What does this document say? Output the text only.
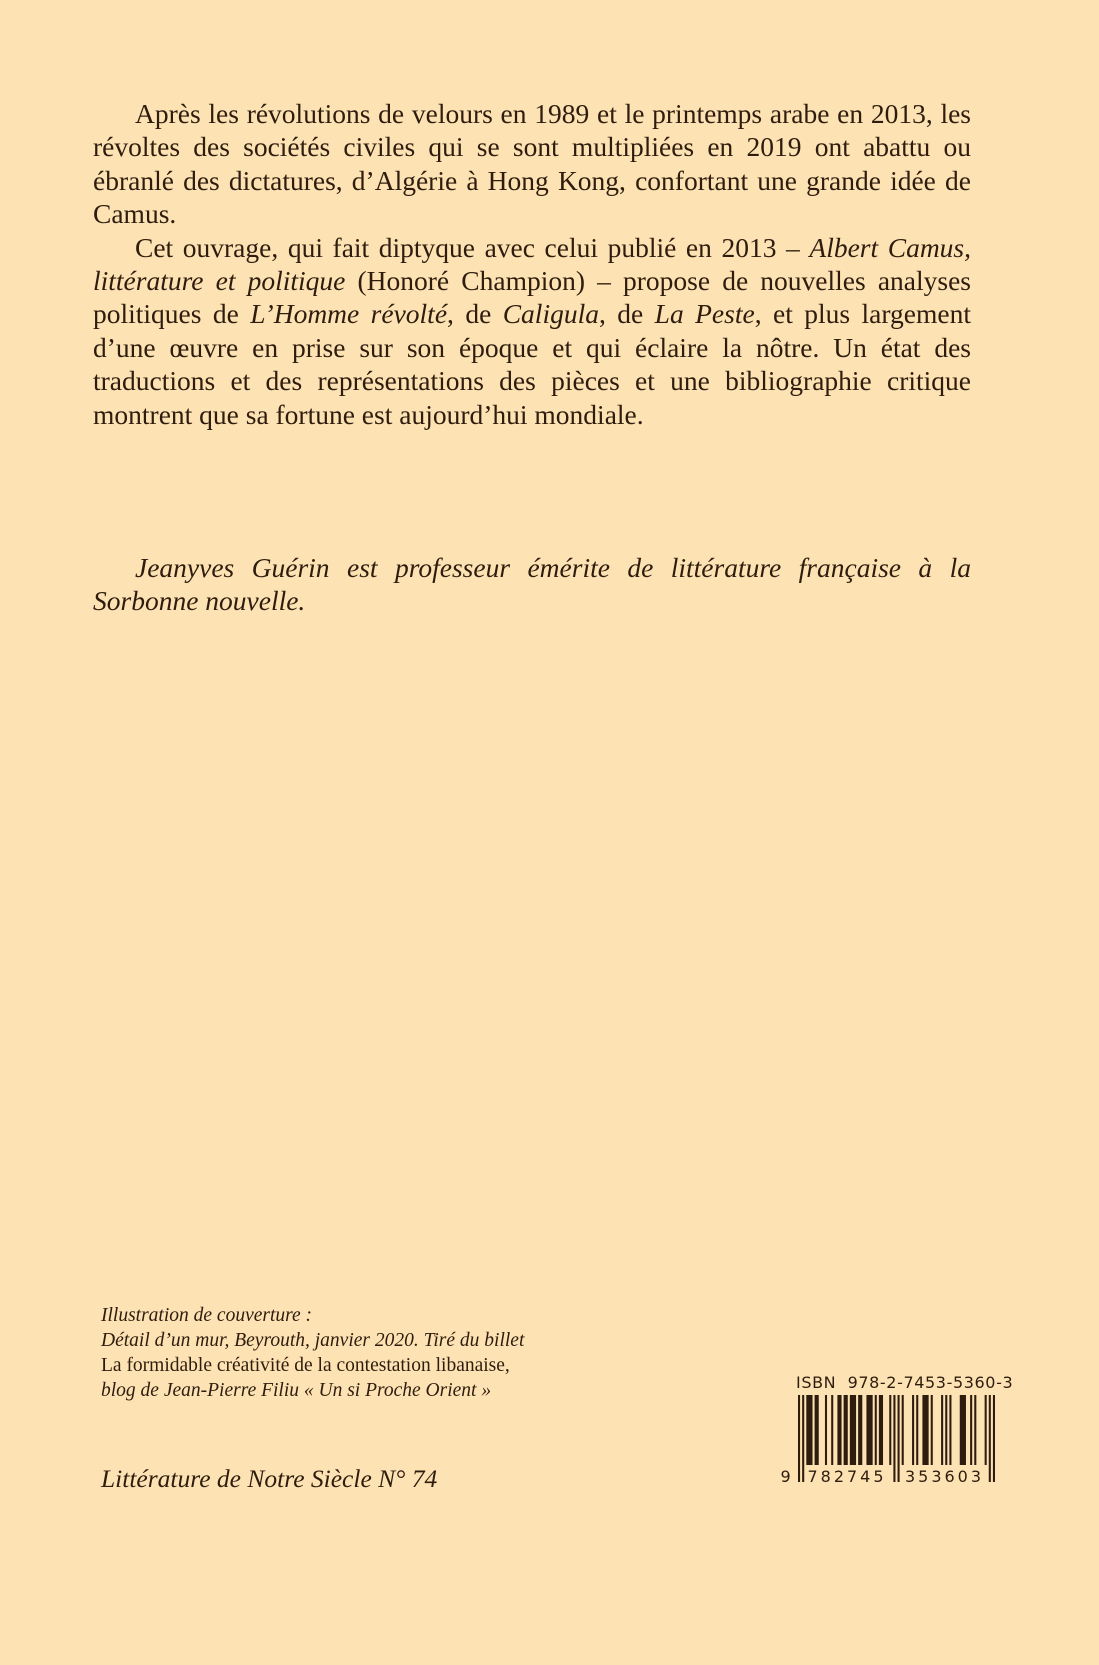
Après les révolutions de velours en 1989 et le printemps arabe en 2013, les révoltes des sociétés civiles qui se sont multipliées en 2019 ont abattu ou ébranlé des dictatures, d’Algérie à Hong Kong, confortant une grande idée de Camus.

Cet ouvrage, qui fait diptyque avec celui publié en 2013 – Albert Camus, littérature et politique (Honoré Champion) – propose de nouvelles analyses politiques de L’Homme révolté, de Caligula, de La Peste, et plus largement d’une œuvre en prise sur son époque et qui éclaire la nôtre. Un état des traductions et des représentations des pièces et une bibliographie critique montrent que sa fortune est aujourd’hui mondiale.

Jeanyves Guérin est professeur émérite de littérature française à la Sorbonne nouvelle.

Illustration de couverture :
Détail d’un mur, Beyrouth, janvier 2020. Tiré du billet
La formidable créativité de la contestation libanaise,
blog de Jean-Pierre Filiu « Un si Proche Orient »
Littérature de Notre Siècle N° 74
ISBN  978-2-7453-5360-3
9 782745 353603
